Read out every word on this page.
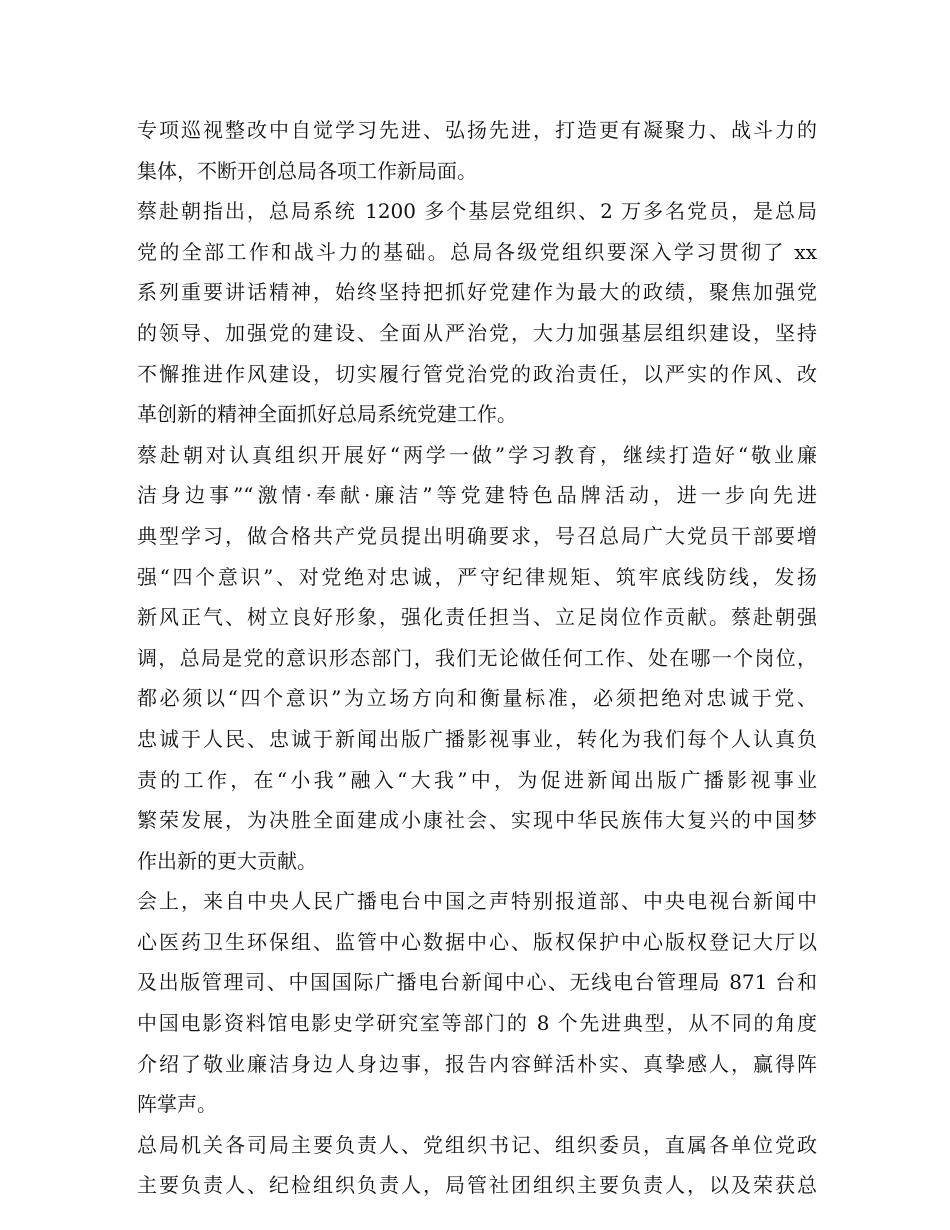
专项巡视整改中自觉学习先进、弘扬先进，打造更有凝聚力、战斗力的
集体，不断开创总局各项工作新局面。
蔡赴朝指出，总局系统 1200 多个基层党组织、2 万多名党员，是总局
党的全部工作和战斗力的基础。总局各级党组织要深入学习贯彻了 xx
系列重要讲话精神，始终坚持把抓好党建作为最大的政绩，聚焦加强党
的领导、加强党的建设、全面从严治党，大力加强基层组织建设，坚持
不懈推进作风建设，切实履行管党治党的政治责任，以严实的作风、改
革创新的精神全面抓好总局系统党建工作。
蔡赴朝对认真组织开展好“两学一做”学习教育，继续打造好“敬业廉
洁身边事”“激情·奉献·廉洁”等党建特色品牌活动，进一步向先进
典型学习，做合格共产党员提出明确要求，号召总局广大党员干部要增
强“四个意识”、对党绝对忠诚，严守纪律规矩、筑牢底线防线，发扬
新风正气、树立良好形象，强化责任担当、立足岗位作贡献。蔡赴朝强
调，总局是党的意识形态部门，我们无论做任何工作、处在哪一个岗位，
都必须以“四个意识”为立场方向和衡量标准，必须把绝对忠诚于党、
忠诚于人民、忠诚于新闻出版广播影视事业，转化为我们每个人认真负
责的工作，在“小我”融入“大我”中，为促进新闻出版广播影视事业
繁荣发展，为决胜全面建成小康社会、实现中华民族伟大复兴的中国梦
作出新的更大贡献。
会上，来自中央人民广播电台中国之声特别报道部、中央电视台新闻中
心医药卫生环保组、监管中心数据中心、版权保护中心版权登记大厅以
及出版管理司、中国国际广播电台新闻中心、无线电台管理局 871 台和
中国电影资料馆电影史学研究室等部门的 8 个先进典型，从不同的角度
介绍了敬业廉洁身边人身边事，报告内容鲜活朴实、真挚感人，赢得阵
阵掌声。
总局机关各司局主要负责人、党组织书记、组织委员，直属各单位党政
主要负责人、纪检组织负责人，局管社团组织主要负责人，以及荣获总
